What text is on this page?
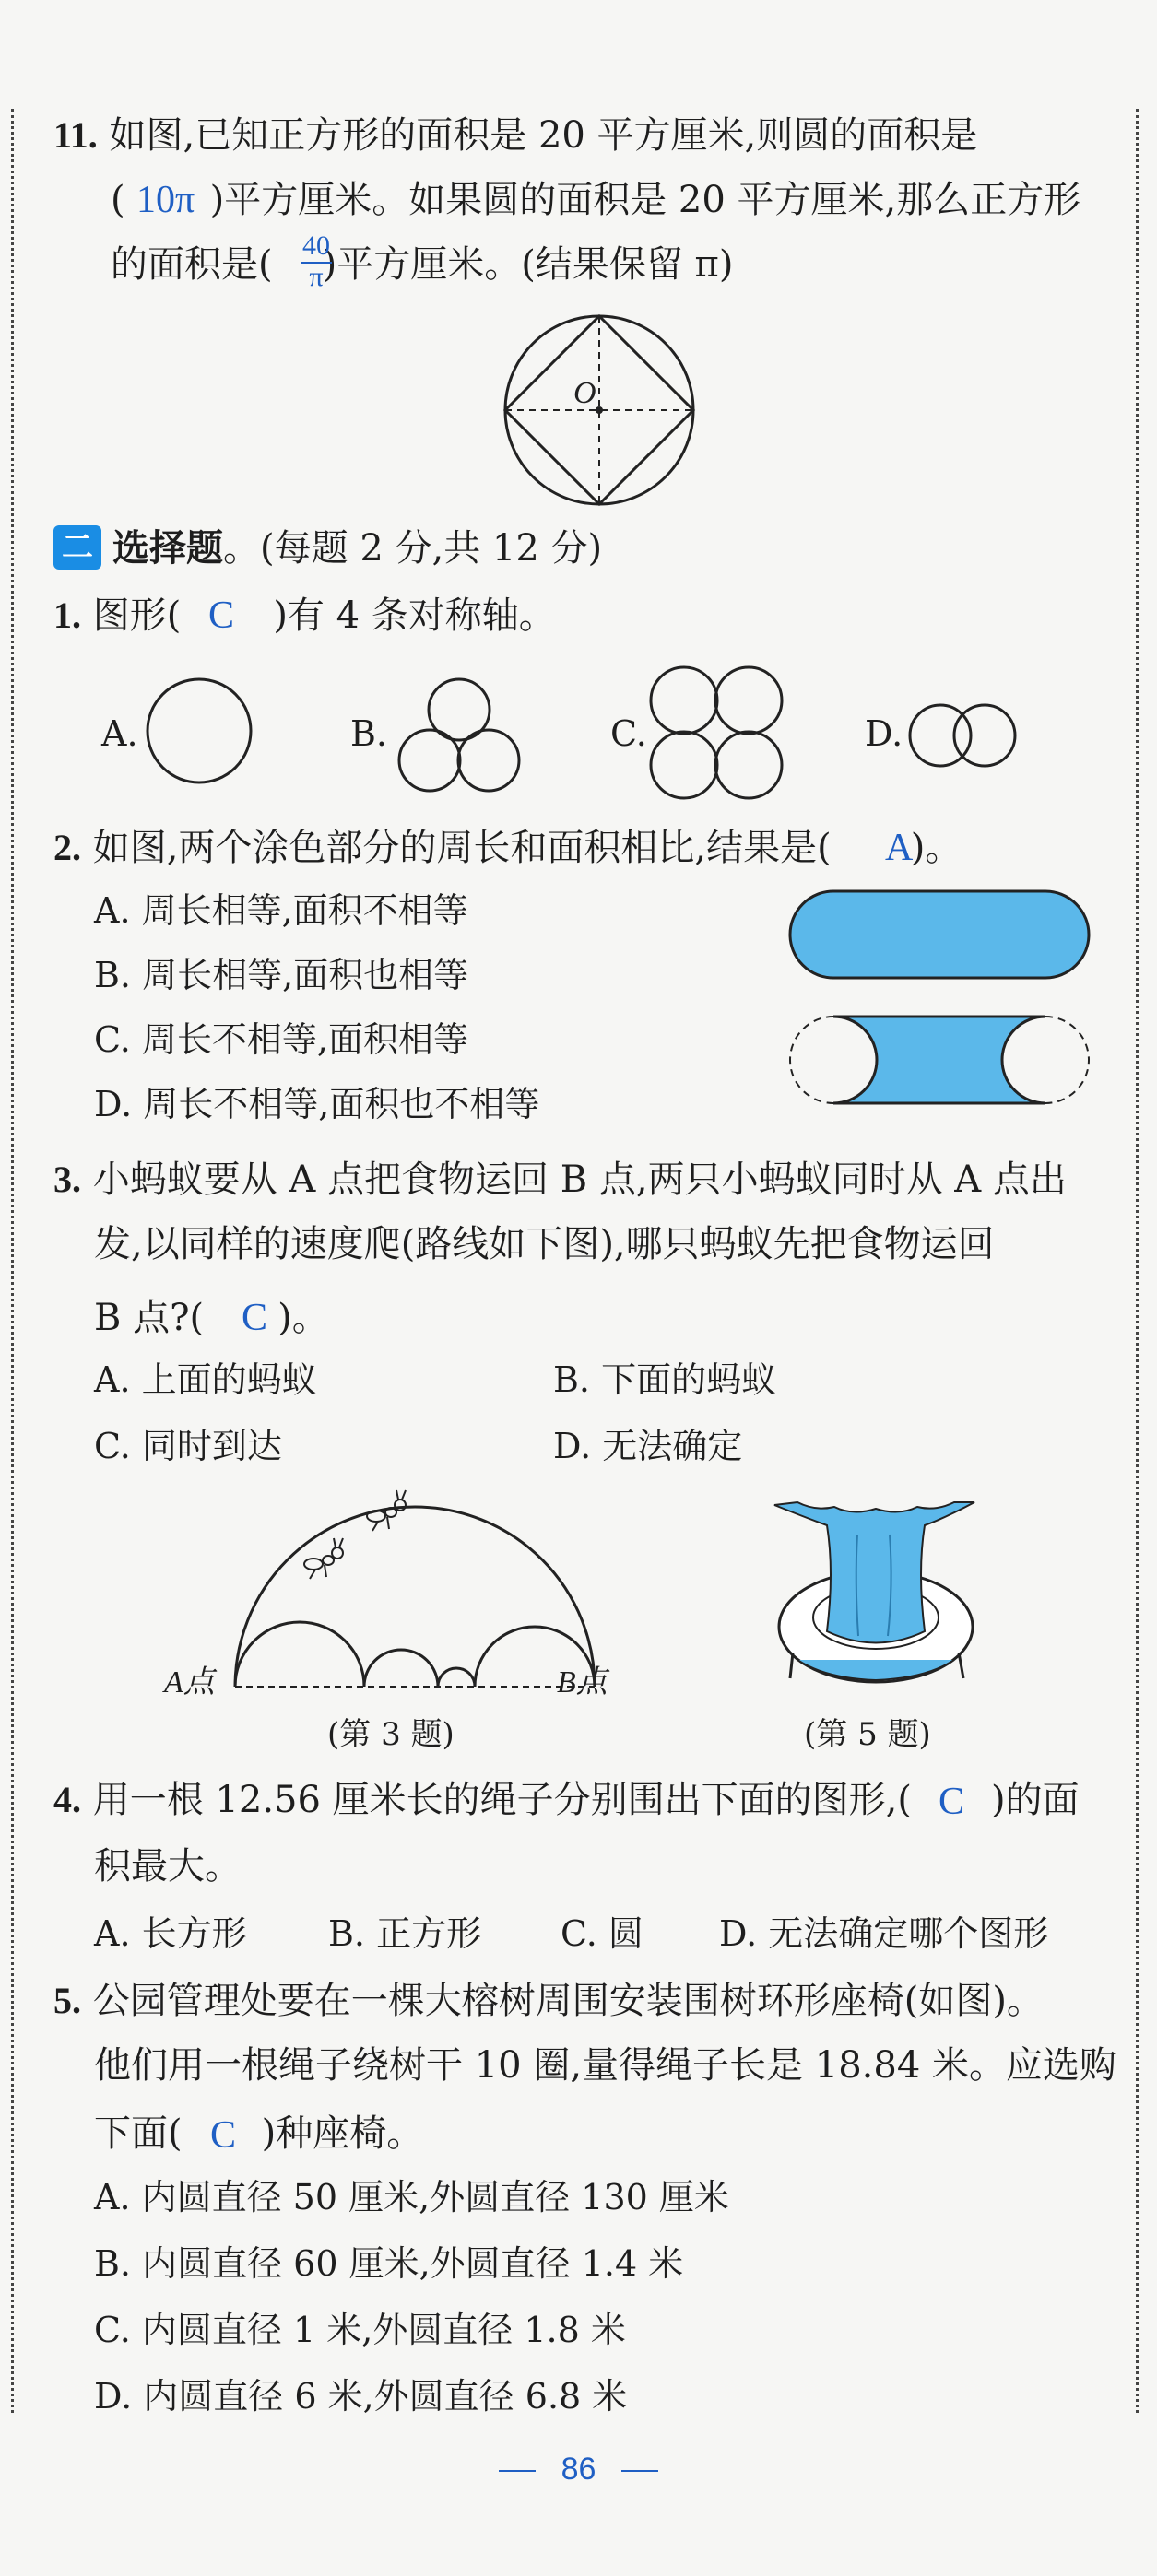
11. 如图,已知正方形的面积是 20 平方厘米,则圆的面积是
( )平方厘米。如果圆的面积是 20 平方厘米,那么正方形
10π
的面积是( )平方厘米。(结果保留 π)
40
π
O
二 选择题。(每题 2 分,共 12 分)
1. 图形(	)有 4 条对称轴。
C
A.	B.	C.	D.
2. 如图,两个涂色部分的周长和面积相比,结果是( )。
A
A. 周长相等,面积不相等
B. 周长相等,面积也相等
C. 周长不相等,面积相等
D. 周长不相等,面积也不相等
3. 小蚂蚁要从 A 点把食物运回 B 点,两只小蚂蚁同时从 A 点出
发,以同样的速度爬(路线如下图),哪只蚂蚁先把食物运回
B 点?( )。
C
A. 上面的蚂蚁	B. 下面的蚂蚁
C. 同时到达	D. 无法确定
A点	B点
(第 3 题)	(第 5 题)
4. 用一根 12.56 厘米长的绳子分别围出下面的图形,( )的面
C
积最大。
A. 长方形 B. 正方形 C. 圆 D. 无法确定哪个图形
5. 公园管理处要在一棵大榕树周围安装围树环形座椅(如图)。
他们用一根绳子绕树干 10 圈,量得绳子长是 18.84 米。应选购
下面( )种座椅。
C
A. 内圆直径 50 厘米,外圆直径 130 厘米
B. 内圆直径 60 厘米,外圆直径 1.4 米
C. 内圆直径 1 米,外圆直径 1.8 米
D. 内圆直径 6 米,外圆直径 6.8 米
86
